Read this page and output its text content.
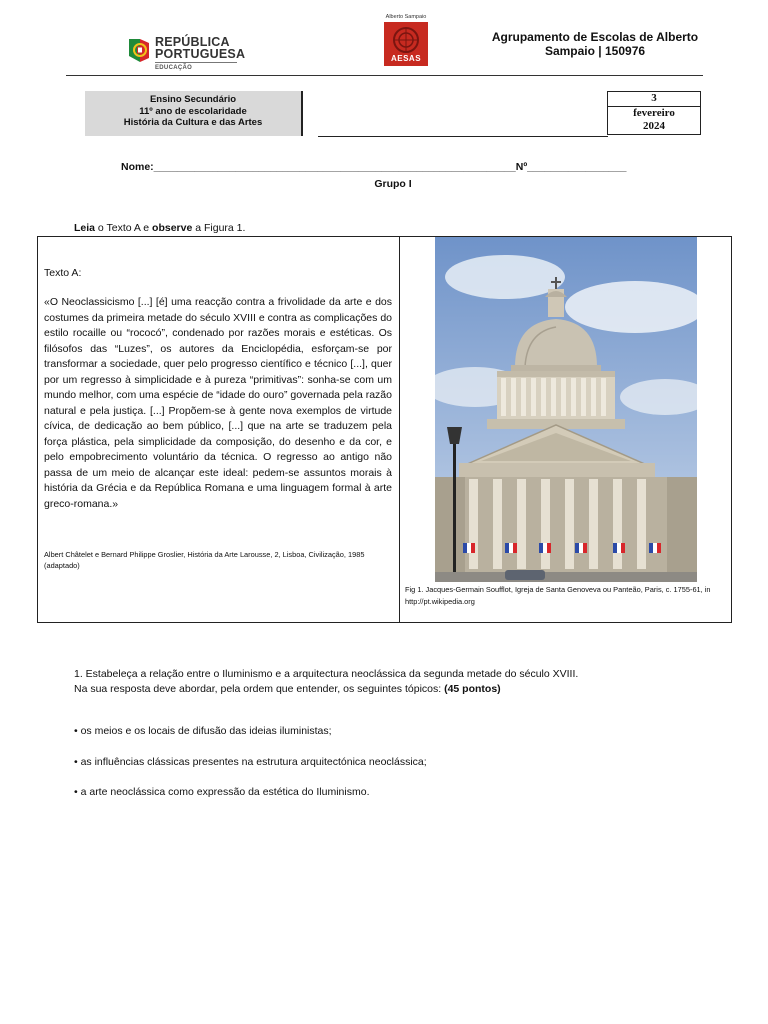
REPÚBLICA
PORTUGUESA
EDUCAÇÃO
Alberto Sampaio
AESAS
Agrupamento de Escolas de Alberto
Sampaio | 150976
Ensino Secundário
11º ano de escolaridade
História da Cultura e das Artes
3
fevereiro
2024
Nome:______________________________________________________________Nº_________________
Grupo I
Leia o Texto A e observe a Figura 1.
Texto A:
«O Neoclassicismo [...] [é] uma reacção contra a frivolidade da arte e dos costumes da primeira metade do século XVIII e contra as complicações do estilo rocaille ou “rococó”, condenado por razões morais e estéticas. Os filósofos das “Luzes”, os autores da Enciclopédia, esforçam-se por transformar a sociedade, quer pelo progresso científico e técnico [...], quer por um regresso à simplicidade e à pureza “primitivas”: sonha-se com um mundo melhor, com uma espécie de “idade do ouro” governada pela razão natural e pela justiça. [...] Propõem-se à gente nova exemplos de virtude cívica, de dedicação ao bem público, [...] que na arte se traduzem pela força plástica, pela simplicidade da composição, do desenho e da cor, e pelo empobrecimento voluntário da técnica. O regresso ao antigo não passa de um meio de alcançar este ideal: pedem-se assuntos morais à história da Grécia e da República Romana e uma linguagem formal à arte greco-romana.»
Albert Châtelet e Bernard Philippe Groslier, História da Arte Larousse, 2, Lisboa, Civilização, 1985 (adaptado)
Fig 1. Jacques-Germain Soufflot, Igreja de Santa Genoveva ou Panteão, Paris, c. 1755-61, in http://pt.wikipedia.org
1. Estabeleça a relação entre o Iluminismo e a arquitectura neoclássica da segunda metade do século XVIII.
Na sua resposta deve abordar, pela ordem que entender, os seguintes tópicos: (45 pontos)
• os meios e os locais de difusão das ideias iluministas;
• as influências clássicas presentes na estrutura arquitectónica neoclássica;
• a arte neoclássica como expressão da estética do Iluminismo.
